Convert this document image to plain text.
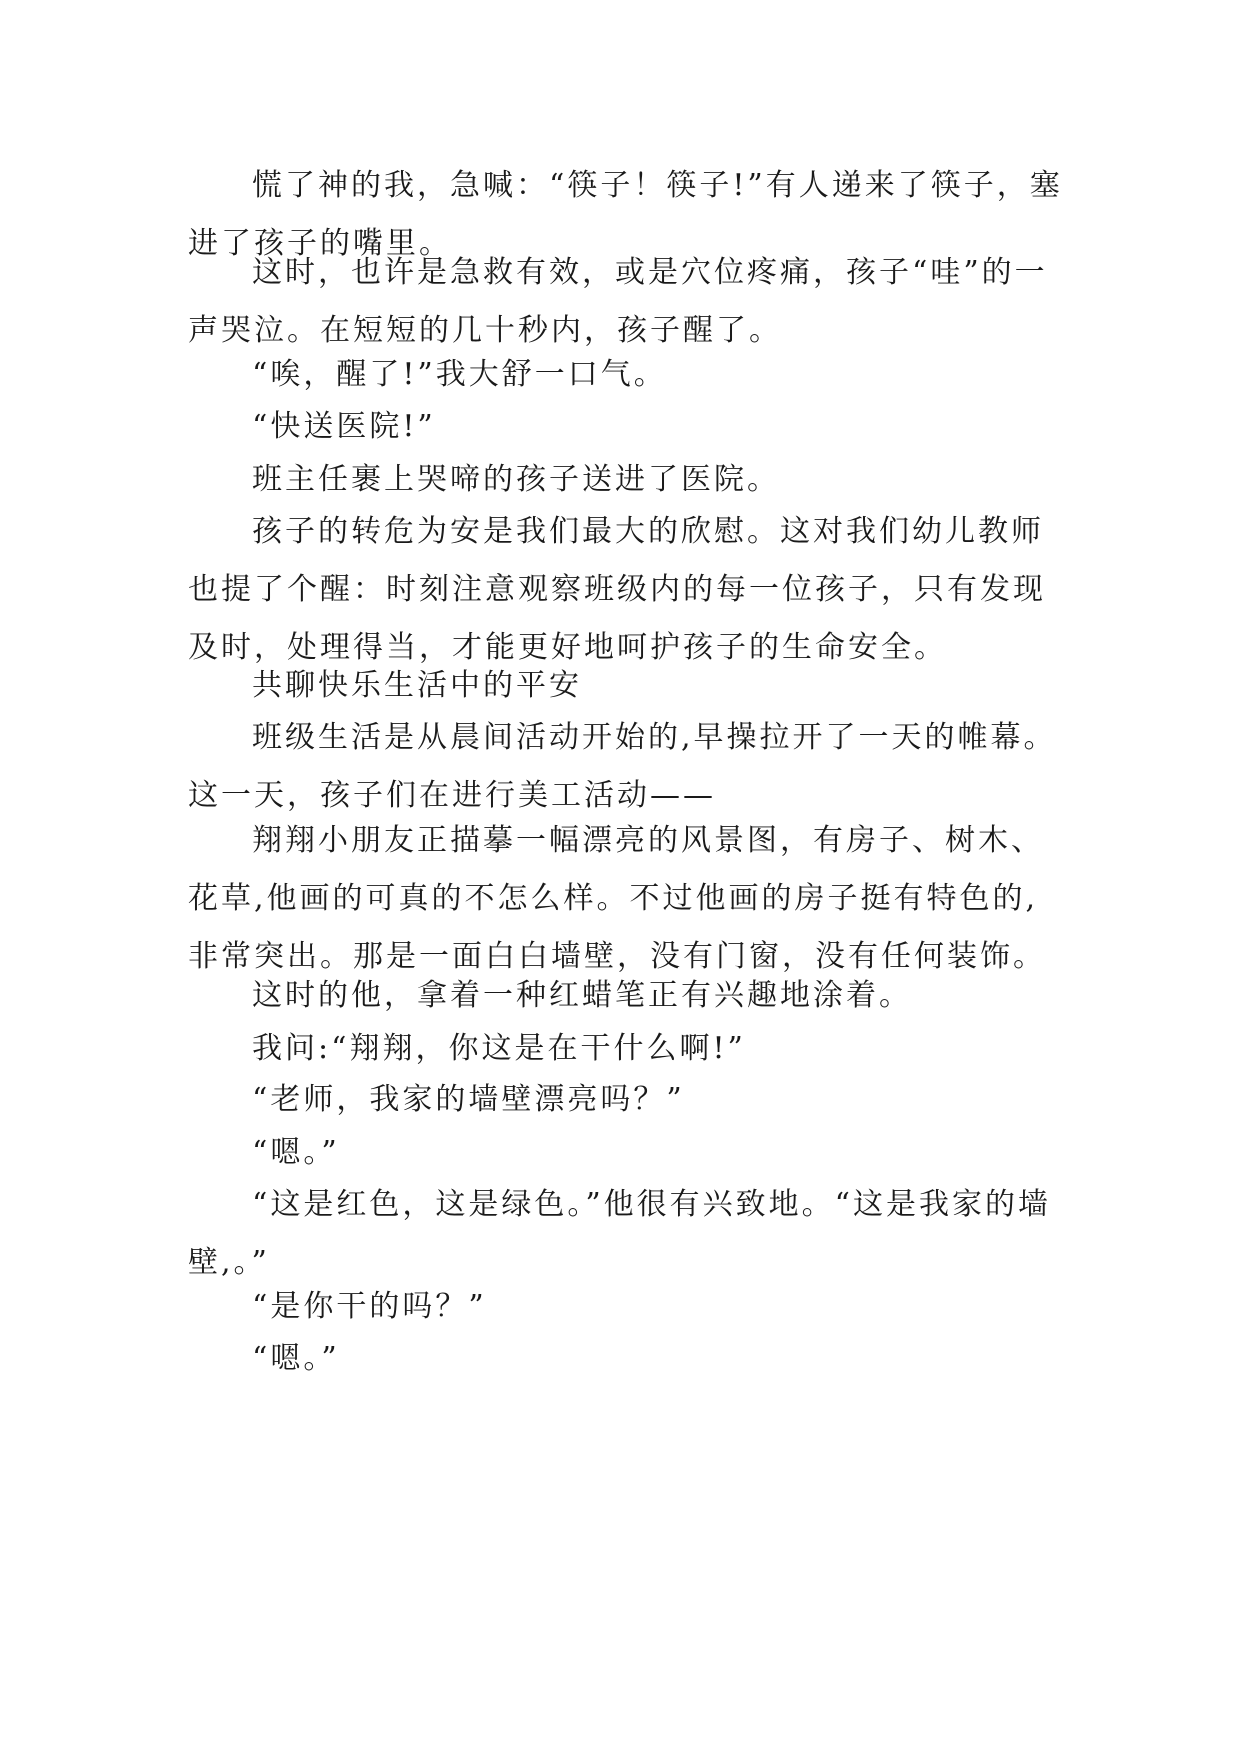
慌了神的我，急喊：“筷子！筷子!”有人递来了筷子，塞进了孩子的嘴里。

这时，也许是急救有效，或是穴位疼痛，孩子“哇”的一声哭泣。在短短的几十秒内，孩子醒了。

“唉，醒了!”我大舒一口气。

“快送医院!”

班主任裹上哭啼的孩子送进了医院。

孩子的转危为安是我们最大的欣慰。这对我们幼儿教师也提了个醒：时刻注意观察班级内的每一位孩子，只有发现及时，处理得当，才能更好地呵护孩子的生命安全。

共聊快乐生活中的平安

班级生活是从晨间活动开始的,早操拉开了一天的帷幕。这一天，孩子们在进行美工活动——

翔翔小朋友正描摹一幅漂亮的风景图，有房子、树木、花草,他画的可真的不怎么样。不过他画的房子挺有特色的,非常突出。那是一面白白墙壁，没有门窗，没有任何装饰。

这时的他，拿着一种红蜡笔正有兴趣地涂着。

我问:“翔翔，你这是在干什么啊!”

“老师，我家的墙壁漂亮吗？”

“嗯。”

“这是红色，这是绿色。”他很有兴致地。“这是我家的墙壁,。”

“是你干的吗？”

“嗯。”
